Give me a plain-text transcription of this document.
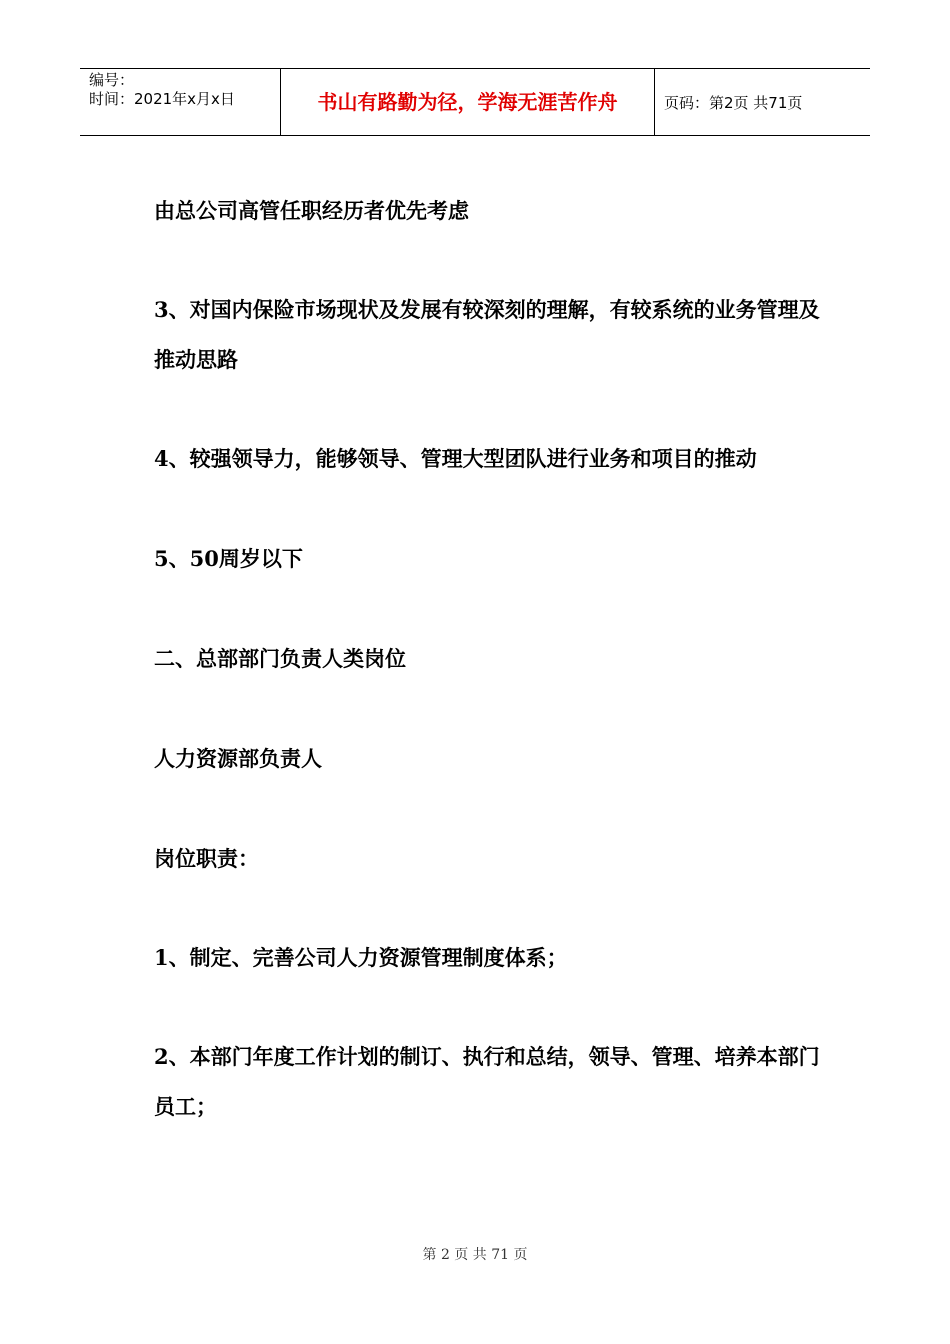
编号：
时间：2021年x月x日	书山有路勤为径，学海无涯苦作舟	页码：第2页 共71页
由总公司高管任职经历者优先考虑
3、对国内保险市场现状及发展有较深刻的理解，有较系统的业务管理及推动思路
4、较强领导力，能够领导、管理大型团队进行业务和项目的推动
5、50周岁以下
二、总部部门负责人类岗位
人力资源部负责人
岗位职责：
1、制定、完善公司人力资源管理制度体系；
2、本部门年度工作计划的制订、执行和总结，领导、管理、培养本部门员工；
第 2 页 共 71 页
